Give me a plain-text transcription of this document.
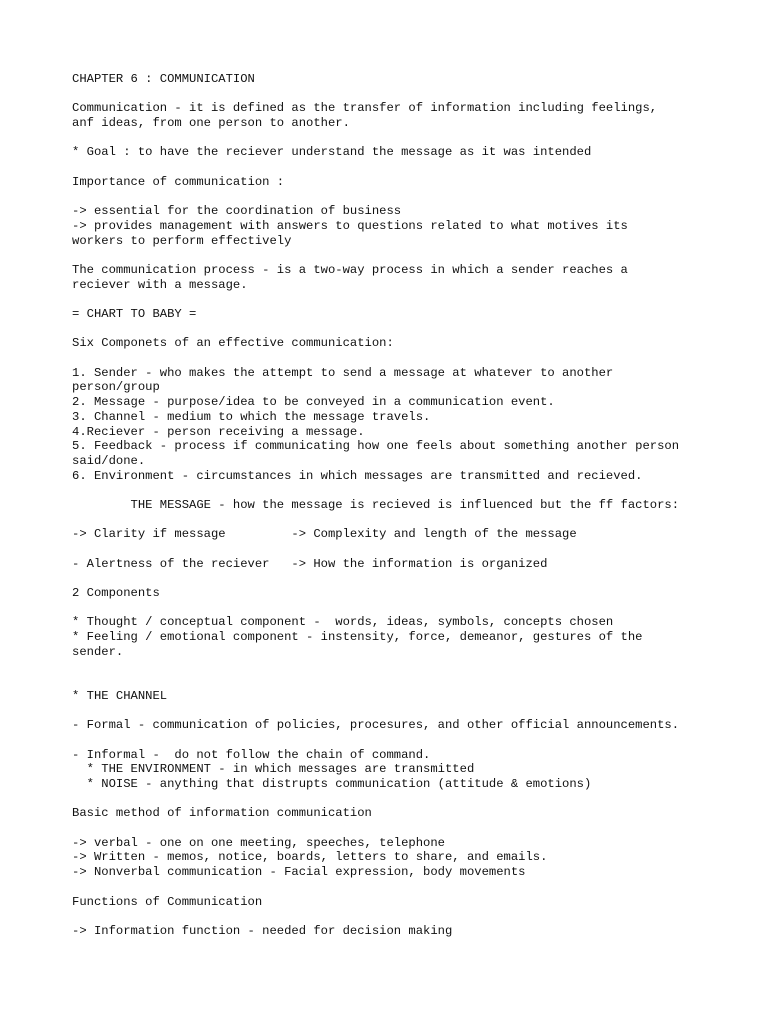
CHAPTER 6 : COMMUNICATION
Communication - it is defined as the transfer of information including feelings,
anf ideas, from one person to another.
* Goal : to have the reciever understand the message as it was intended
Importance of communication :
-> essential for the coordination of business
-> provides management with answers to questions related to what motives its
workers to perform effectively
The communication process - is a two-way process in which a sender reaches a
reciever with a message.
= CHART TO BABY =
Six Componets of an effective communication:
1. Sender - who makes the attempt to send a message at whatever to another
person/group
2. Message - purpose/idea to be conveyed in a communication event.
3. Channel - medium to which the message travels.
4.Reciever - person receiving a message.
5. Feedback - process if communicating how one feels about something another person
said/done.
6. Environment - circumstances in which messages are transmitted and recieved.
THE MESSAGE - how the message is recieved is influenced but the ff factors:
-> Clarity if message         -> Complexity and length of the message
- Alertness of the reciever   -> How the information is organized
2 Components
* Thought / conceptual component -  words, ideas, symbols, concepts chosen
* Feeling / emotional component - instensity, force, demeanor, gestures of the
sender.
* THE CHANNEL
- Formal - communication of policies, procesures, and other official announcements.
- Informal -  do not follow the chain of command.
* THE ENVIRONMENT - in which messages are transmitted
* NOISE - anything that distrupts communication (attitude & emotions)
Basic method of information communication
-> verbal - one on one meeting, speeches, telephone
-> Written - memos, notice, boards, letters to share, and emails.
-> Nonverbal communication - Facial expression, body movements
Functions of Communication
-> Information function - needed for decision making
